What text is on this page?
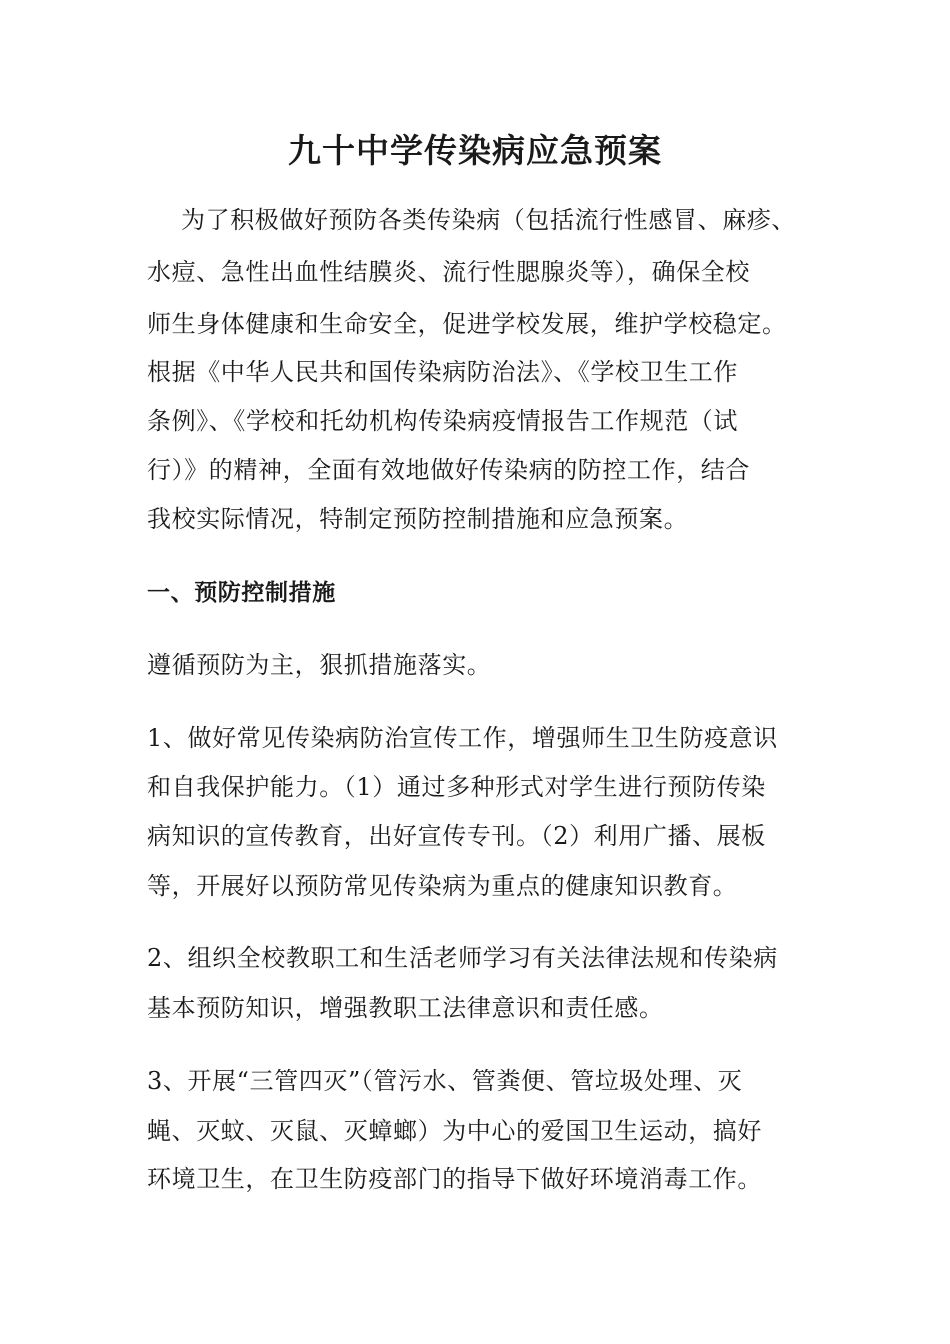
九十中学传染病应急预案
为了积极做好预防各类传染病（包括流行性感冒、麻疹、
水痘、急性出血性结膜炎、流行性腮腺炎等），确保全校
师生身体健康和生命安全，促进学校发展，维护学校稳定。
根据《中华人民共和国传染病防治法》、《学校卫生工作
条例》、《学校和托幼机构传染病疫情报告工作规范（试
行）》的精神，全面有效地做好传染病的防控工作，结合
我校实际情况，特制定预防控制措施和应急预案。
一、预防控制措施
遵循预防为主，狠抓措施落实。
1、做好常见传染病防治宣传工作，增强师生卫生防疫意识
和自我保护能力。（1）通过多种形式对学生进行预防传染
病知识的宣传教育，出好宣传专刊。（2）利用广播、展板
等，开展好以预防常见传染病为重点的健康知识教育。
2、组织全校教职工和生活老师学习有关法律法规和传染病
基本预防知识，增强教职工法律意识和责任感。
3、开展“三管四灭”（管污水、管粪便、管垃圾处理、灭
蝇、灭蚊、灭鼠、灭蟑螂）为中心的爱国卫生运动，搞好
环境卫生，在卫生防疫部门的指导下做好环境消毒工作。
